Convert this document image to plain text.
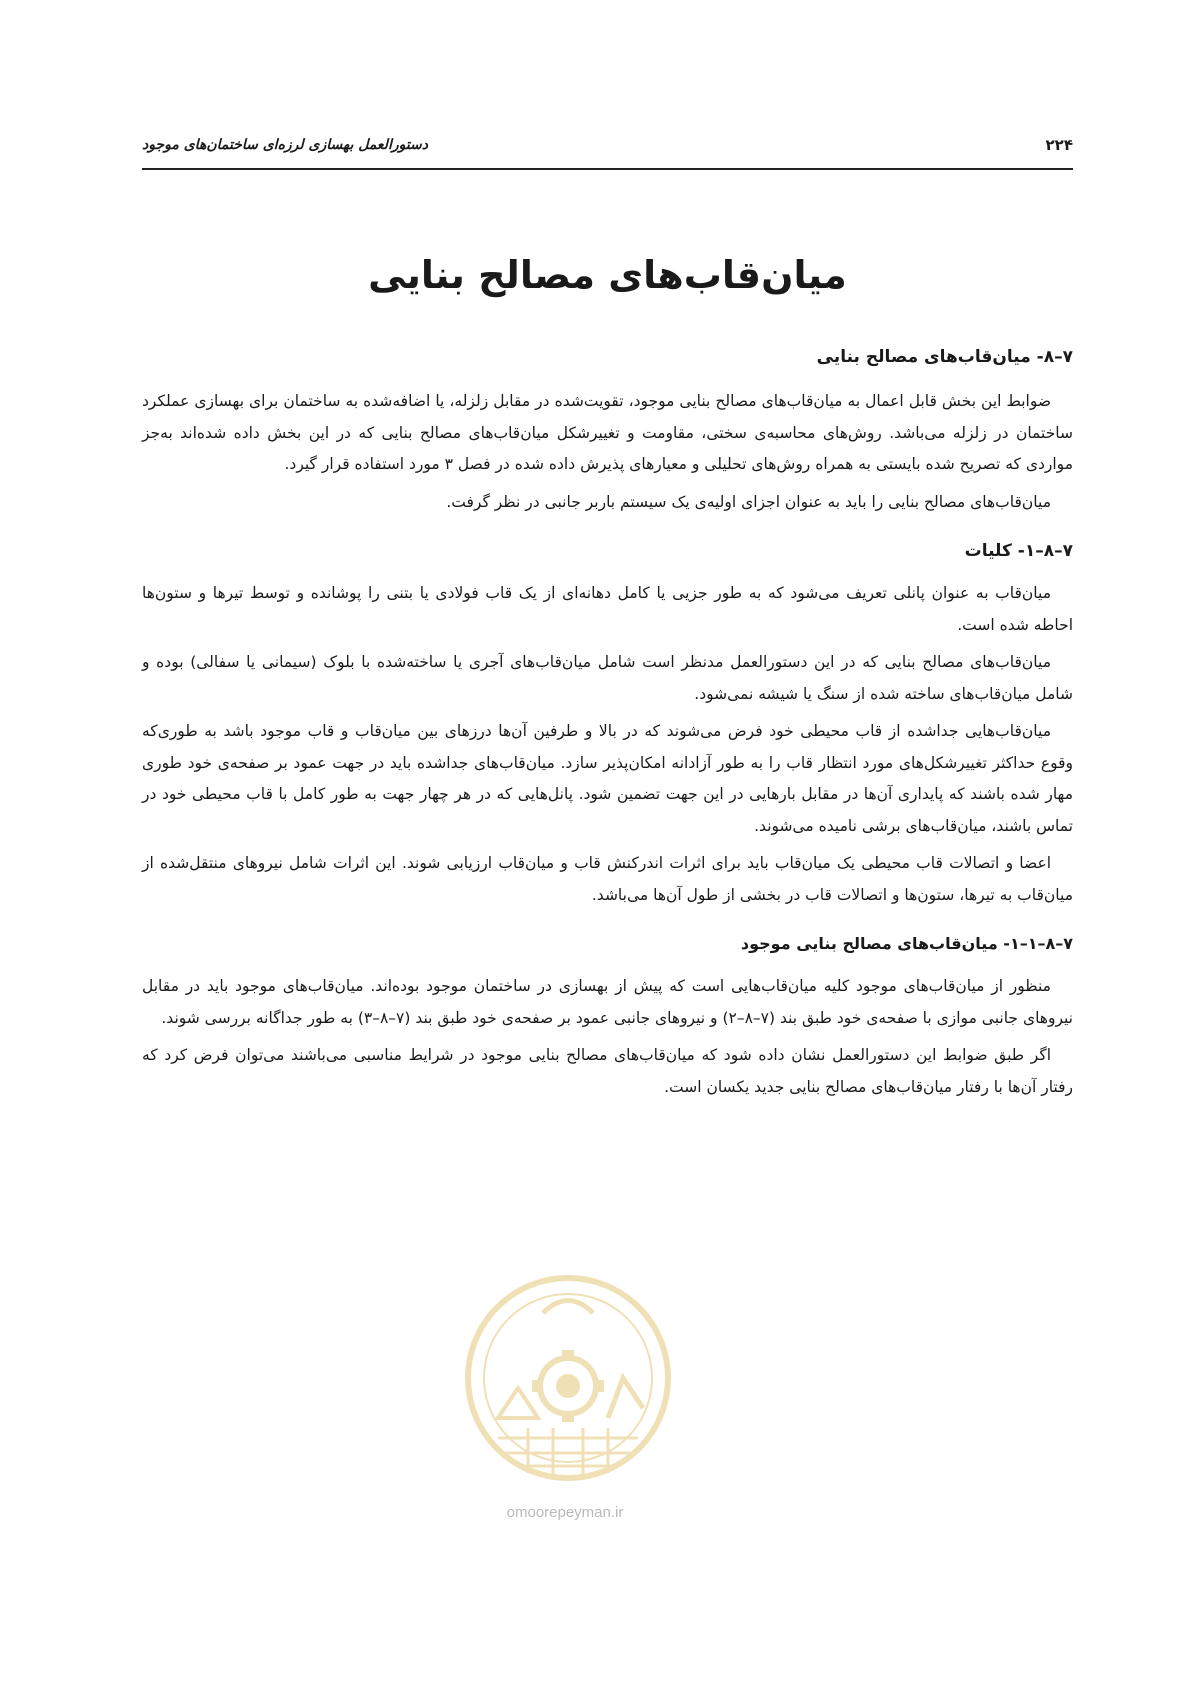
۲۲۴
دستورالعمل بهسازی لرزه‌ای ساختمان‌های موجود
میان‌قاب‌های مصالح بنایی
۷–۸- میان‌قاب‌های مصالح بنایی

ضوابط این بخش قابل اعمال به میان‌قاب‌های مصالح بنایی موجود، تقویت‌شده در مقابل زلزله، یا اضافه‌شده به ساختمان برای بهسازی عملکرد ساختمان در زلزله می‌باشد. روش‌های محاسبه‌ی سختی، مقاومت و تغییرشکل میان‌قاب‌های مصالح بنایی که در این بخش داده شده‌اند به‌جز مواردی که تصریح شده بایستی به همراه روش‌های تحلیلی و معیارهای پذیرش داده شده در فصل ۳ مورد استفاده قرار گیرد.

میان‌قاب‌های مصالح بنایی را باید به عنوان اجزای اولیه‌ی یک سیستم باربر جانبی در نظر گرفت.

۷–۸–۱- کلیات

میان‌قاب به عنوان پانلی تعریف می‌شود که به طور جزیی یا کامل دهانه‌ای از یک قاب فولادی یا بتنی را پوشانده و توسط تیرها و ستون‌ها احاطه شده است.

میان‌قاب‌های مصالح بنایی که در این دستورالعمل مدنظر است شامل میان‌قاب‌های آجری یا ساخته‌شده با بلوک (سیمانی یا سفالی) بوده و شامل میان‌قاب‌های ساخته شده از سنگ یا شیشه نمی‌شود.

میان‌قاب‌هایی جداشده از قاب محیطی خود فرض می‌شوند که در بالا و طرفین آن‌ها درزهای بین میان‌قاب و قاب موجود باشد به طوری‌که وقوع حداکثر تغییرشکل‌های مورد انتظار قاب را به طور آزادانه امکان‌پذیر سازد. میان‌قاب‌های جداشده باید در جهت عمود بر صفحه‌ی خود طوری مهار شده باشند که پایداری آن‌ها در مقابل بارهایی در این جهت تضمین شود. پانل‌هایی که در هر چهار جهت به طور کامل با قاب محیطی خود در تماس باشند، میان‌قاب‌های برشی نامیده می‌شوند.

اعضا و اتصالات قاب محیطی یک میان‌قاب باید برای اثرات اندرکنش قاب و میان‌قاب ارزیابی شوند. این اثرات شامل نیروهای منتقل‌شده از میان‌قاب به تیرها، ستون‌ها و اتصالات قاب در بخشی از طول آن‌ها می‌باشد.

۷–۸–۱–۱- میان‌قاب‌های مصالح بنایی موجود

منظور از میان‌قاب‌های موجود کلیه میان‌قاب‌هایی است که پیش از بهسازی در ساختمان موجود بوده‌اند. میان‌قاب‌های موجود باید در مقابل نیروهای جانبی موازی با صفحه‌ی خود طبق بند (۷–۸–۲) و نیروهای جانبی عمود بر صفحه‌ی خود طبق بند (۷–۸–۳) به طور جداگانه بررسی شوند.

اگر طبق ضوابط این دستورالعمل نشان داده شود که میان‌قاب‌های مصالح بنایی موجود در شرایط مناسبی می‌باشند می‌توان فرض کرد که رفتار آن‌ها با رفتار میان‌قاب‌های مصالح بنایی جدید یکسان است.

omoorepeyman.ir
